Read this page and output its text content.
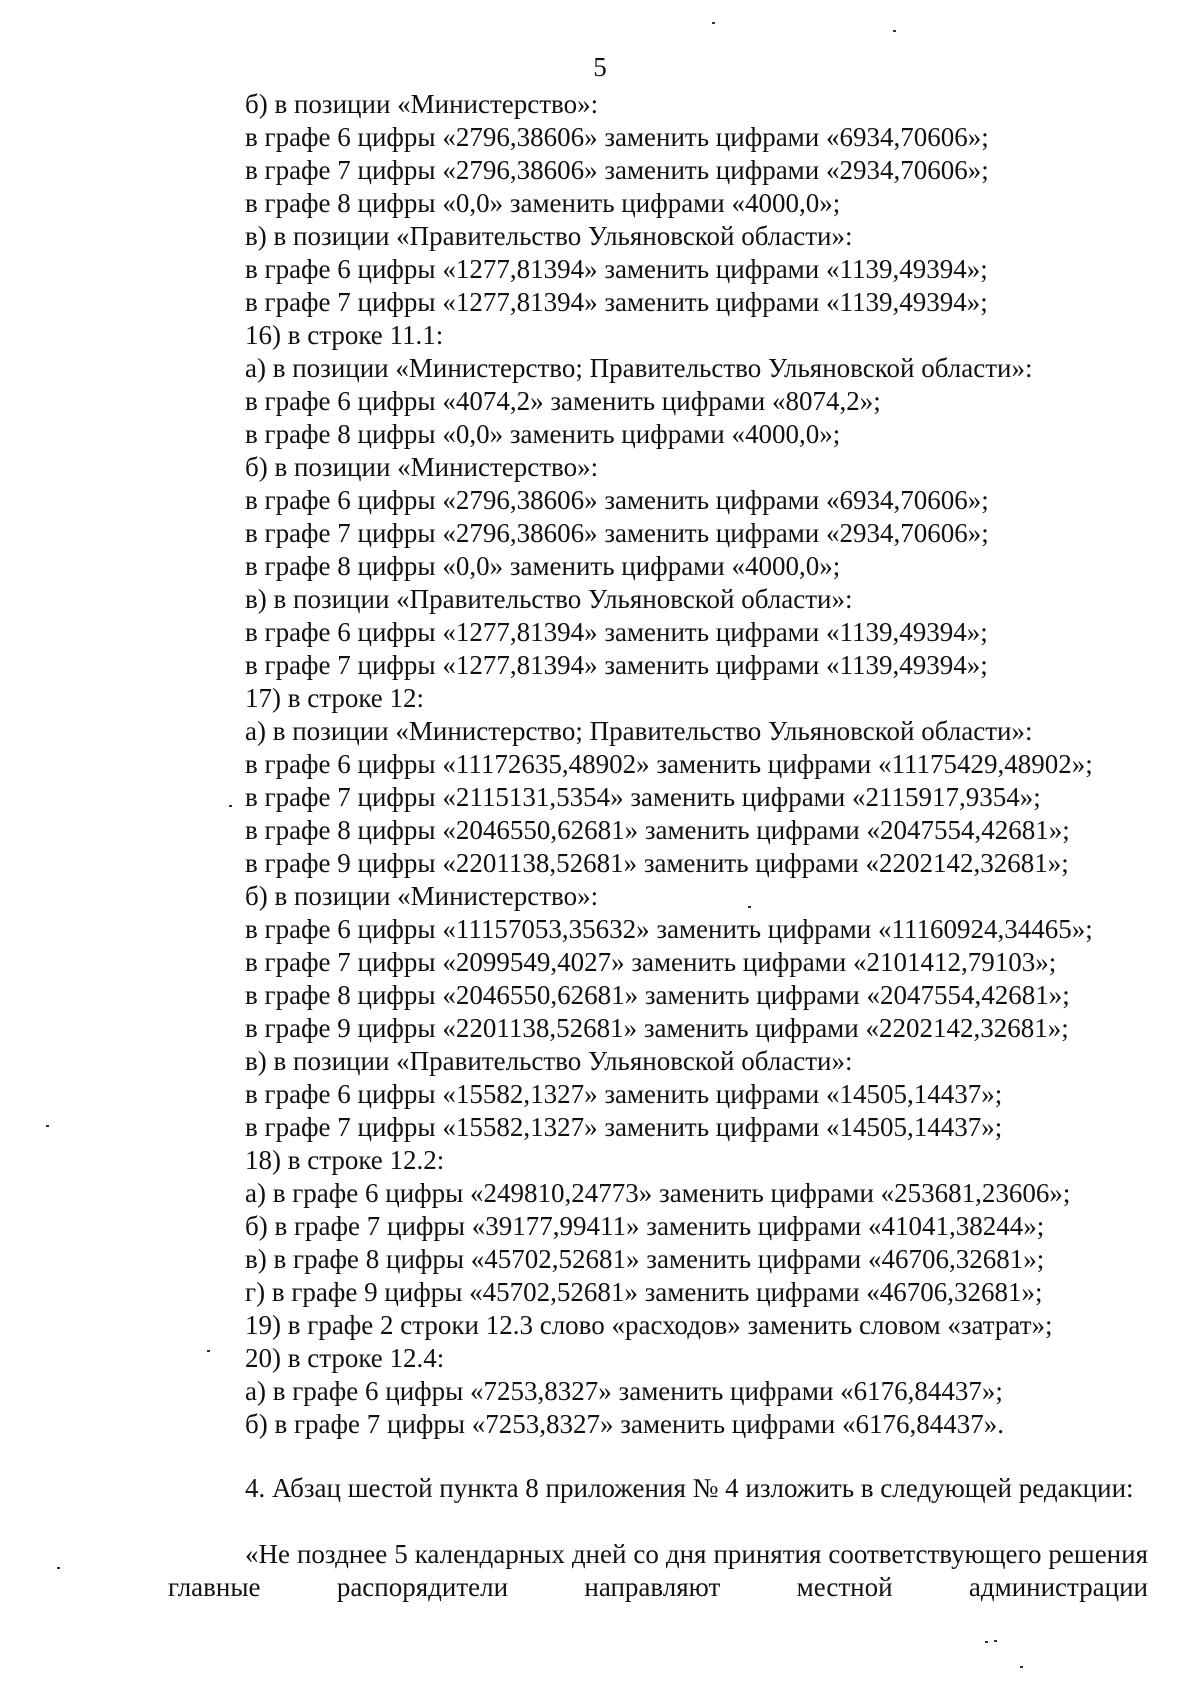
5
б) в позиции «Министерство»:
в графе 6 цифры «2796,38606» заменить цифрами «6934,70606»;
в графе 7 цифры «2796,38606» заменить цифрами «2934,70606»;
в графе 8 цифры «0,0» заменить цифрами «4000,0»;
в) в позиции «Правительство Ульяновской области»:
в графе 6 цифры «1277,81394» заменить цифрами «1139,49394»;
в графе 7 цифры «1277,81394» заменить цифрами «1139,49394»;
16) в строке 11.1:
а) в позиции «Министерство; Правительство Ульяновской области»:
в графе 6 цифры «4074,2» заменить цифрами «8074,2»;
в графе 8 цифры «0,0» заменить цифрами «4000,0»;
б) в позиции «Министерство»:
в графе 6 цифры «2796,38606» заменить цифрами «6934,70606»;
в графе 7 цифры «2796,38606» заменить цифрами «2934,70606»;
в графе 8 цифры «0,0» заменить цифрами «4000,0»;
в) в позиции «Правительство Ульяновской области»:
в графе 6 цифры «1277,81394» заменить цифрами «1139,49394»;
в графе 7 цифры «1277,81394» заменить цифрами «1139,49394»;
17) в строке 12:
а) в позиции «Министерство; Правительство Ульяновской области»:
в графе 6 цифры «11172635,48902» заменить цифрами «11175429,48902»;
в графе 7 цифры «2115131,5354» заменить цифрами «2115917,9354»;
в графе 8 цифры «2046550,62681» заменить цифрами «2047554,42681»;
в графе 9 цифры «2201138,52681» заменить цифрами «2202142,32681»;
б) в позиции «Министерство»:
в графе 6 цифры «11157053,35632» заменить цифрами «11160924,34465»;
в графе 7 цифры «2099549,4027» заменить цифрами «2101412,79103»;
в графе 8 цифры «2046550,62681» заменить цифрами «2047554,42681»;
в графе 9 цифры «2201138,52681» заменить цифрами «2202142,32681»;
в) в позиции «Правительство Ульяновской области»:
в графе 6 цифры «15582,1327» заменить цифрами «14505,14437»;
в графе 7 цифры «15582,1327» заменить цифрами «14505,14437»;
18) в строке 12.2:
а) в графе 6 цифры «249810,24773» заменить цифрами «253681,23606»;
б) в графе 7 цифры «39177,99411» заменить цифрами «41041,38244»;
в) в графе 8 цифры «45702,52681» заменить цифрами «46706,32681»;
г) в графе 9 цифры «45702,52681» заменить цифрами «46706,32681»;
19) в графе 2 строки 12.3 слово «расходов» заменить словом «затрат»;
20) в строке 12.4:
а) в графе 6 цифры «7253,8327» заменить цифрами «6176,84437»;
б) в графе 7 цифры «7253,8327» заменить цифрами «6176,84437».
4. Абзац шестой пункта 8 приложения № 4 изложить в следующей редакции:
«Не позднее 5 календарных дней со дня принятия соответствующего решения главные распорядители направляют местной администрации
